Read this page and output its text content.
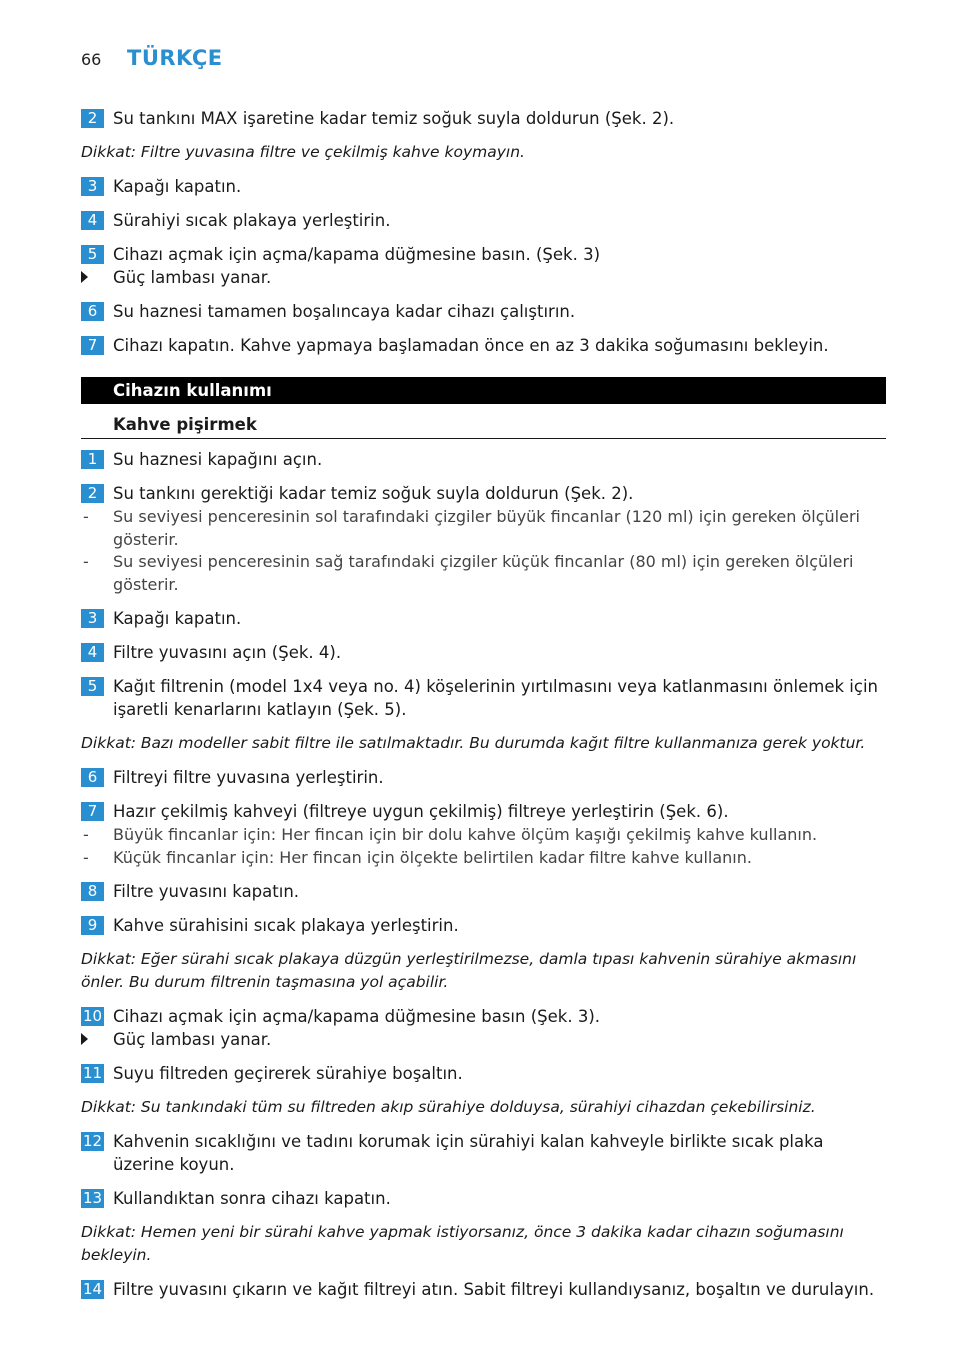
66 TÜRKÇE
2 Su tankını MAX işaretine kadar temiz soğuk suyla doldurun (Şek. 2).
Dikkat: Filtre yuvasına filtre ve çekilmiş kahve koymayın.
3 Kapağı kapatın.
4 Sürahiyi sıcak plakaya yerleştirin.
5 Cihazı açmak için açma/kapama düğmesine basın. (Şek. 3)
Güç lambası yanar.
6 Su haznesi tamamen boşalıncaya kadar cihazı çalıştırın.
7 Cihazı kapatın. Kahve yapmaya başlamadan önce en az 3 dakika soğumasını bekleyin.
Cihazın kullanımı
Kahve pişirmek
1 Su haznesi kapağını açın.
2 Su tankını gerektiği kadar temiz soğuk suyla doldurun (Şek. 2).
- Su seviyesi penceresinin sol tarafındaki çizgiler büyük fincanlar (120 ml) için gereken ölçüleri gösterir.
- Su seviyesi penceresinin sağ tarafındaki çizgiler küçük fincanlar (80 ml) için gereken ölçüleri gösterir.
3 Kapağı kapatın.
4 Filtre yuvasını açın (Şek. 4).
5 Kağıt filtrenin (model 1x4 veya no. 4) köşelerinin yırtılmasını veya katlanmasını önlemek için işaretli kenarlarını katlayın (Şek. 5).
Dikkat: Bazı modeller sabit filtre ile satılmaktadır. Bu durumda kağıt filtre kullanmanıza gerek yoktur.
6 Filtreyi filtre yuvasına yerleştirin.
7 Hazır çekilmiş kahveyi (filtreye uygun çekilmiş) filtreye yerleştirin (Şek. 6).
- Büyük fincanlar için: Her fincan için bir dolu kahve ölçüm kaşığı çekilmiş kahve kullanın.
- Küçük fincanlar için: Her fincan için ölçekte belirtilen kadar filtre kahve kullanın.
8 Filtre yuvasını kapatın.
9 Kahve sürahisini sıcak plakaya yerleştirin.
Dikkat: Eğer sürahi sıcak plakaya düzgün yerleştirilmezse, damla tıpası kahvenin sürahiye akmasını önler. Bu durum filtrenin taşmasına yol açabilir.
10 Cihazı açmak için açma/kapama düğmesine basın (Şek. 3).
Güç lambası yanar.
11 Suyu filtreden geçirerek sürahiye boşaltın.
Dikkat: Su tankındaki tüm su filtreden akıp sürahiye dolduysa, sürahiyi cihazdan çekebilirsiniz.
12 Kahvenin sıcaklığını ve tadını korumak için sürahiyi kalan kahveyle birlikte sıcak plaka üzerine koyun.
13 Kullandıktan sonra cihazı kapatın.
Dikkat: Hemen yeni bir sürahi kahve yapmak istiyorsanız, önce 3 dakika kadar cihazın soğumasını bekleyin.
14 Filtre yuvasını çıkarın ve kağıt filtreyi atın. Sabit filtreyi kullandıysanız, boşaltın ve durulayın.
